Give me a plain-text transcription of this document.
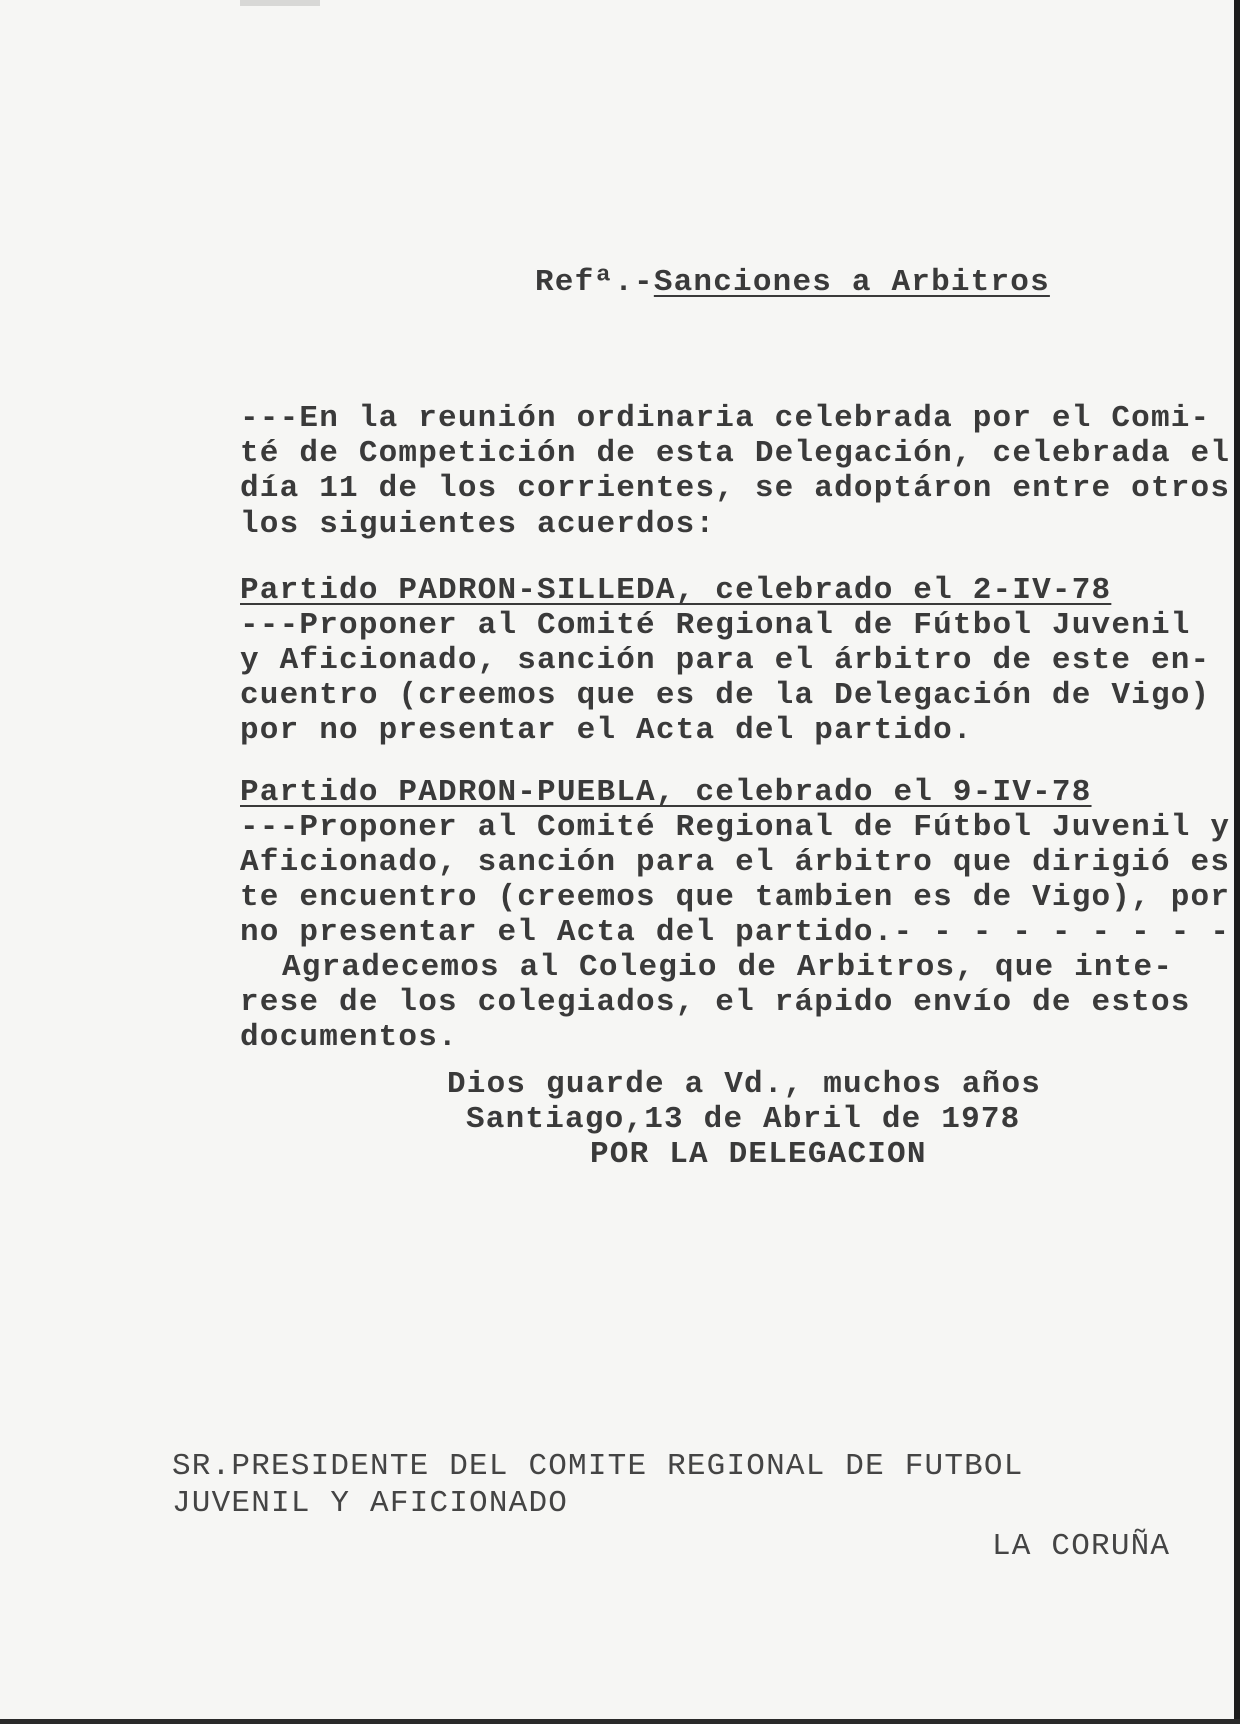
Refª.-Sanciones a Arbitros
---En la reunión ordinaria celebrada por el Comi-
té de Competición de esta Delegación, celebrada el
día 11 de los corrientes, se adoptáron entre otros
los siguientes acuerdos:
Partido PADRON-SILLEDA, celebrado el 2-IV-78
---Proponer al Comité Regional de Fútbol Juvenil
y Aficionado, sanción para el árbitro de este en-
cuentro (creemos que es de la Delegación de Vigo)
por no presentar el Acta del partido.
Partido PADRON-PUEBLA, celebrado el 9-IV-78
---Proponer al Comité Regional de Fútbol Juvenil y
Aficionado, sanción para el árbitro que dirigió es
te encuentro (creemos que tambien es de Vigo), por
no presentar el Acta del partido.- - - - - - - - -
Agradecemos al Colegio de Arbitros, que inte-
rese de los colegiados, el rápido envío de estos
documentos.
Dios guarde a Vd., muchos años
Santiago,13 de Abril de 1978
POR LA DELEGACION
SR.PRESIDENTE DEL COMITE REGIONAL DE FUTBOL
JUVENIL Y AFICIONADO
LA CORUÑA
